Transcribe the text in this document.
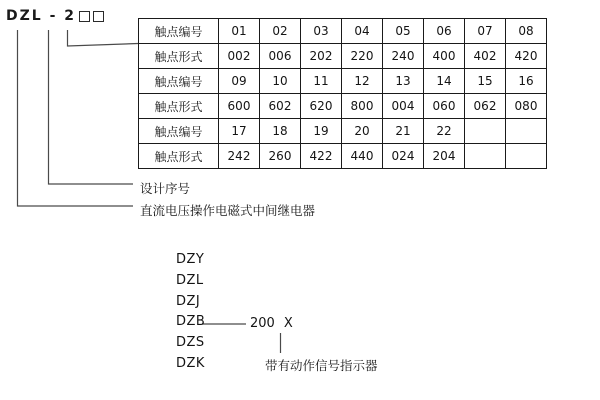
DZL - 2
触点编号	01	02	03	04	05	06	07	08
触点形式	002	006	202	220	240	400	402	420
触点编号	09	10	11	12	13	14	15	16
触点形式	600	602	620	800	004	060	062	080
触点编号	17	18	19	20	21	22		
触点形式	242	260	422	440	024	204		
设计序号
直流电压操作电磁式中间继电器
DZY
DZL
DZJ
DZB
DZS
DZK
200 X
带有动作信号指示器
